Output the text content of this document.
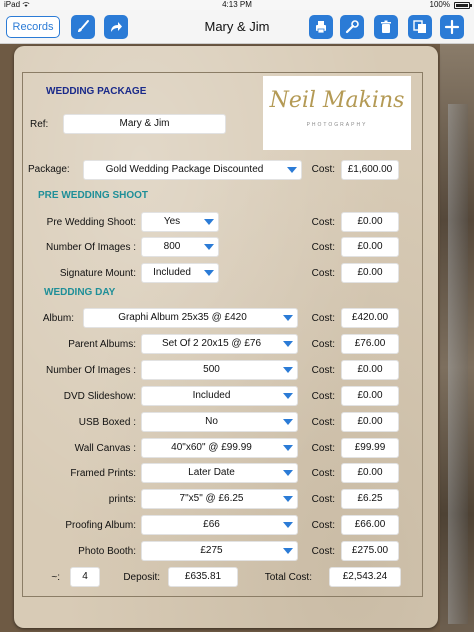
iPad	4:13 PM	100%
Records	Mary & Jim
WEDDING PACKAGE	Neil Makins
PHOTOGRAPHY
Ref:	Mary & Jim
Package:	Gold Wedding Package Discounted	Cost:	£1,600.00
PRE WEDDING SHOOT
Pre Wedding Shoot:	Yes	Cost:	£0.00
Number Of Images :	800	Cost:	£0.00
Signature Mount:	Included	Cost:	£0.00
WEDDING DAY
Album:	Graphi Album 25x35 @ £420	Cost:	£420.00
Parent Albums:	Set Of 2 20x15 @ £76	Cost:	£76.00
Number Of Images :	500	Cost:	£0.00
DVD Slideshow:	Included	Cost:	£0.00
USB Boxed :	No	Cost:	£0.00
Wall Canvas :	40"x60" @ £99.99	Cost:	£99.99
Framed Prints:	Later Date	Cost:	£0.00
prints:	7"x5" @ £6.25	Cost:	£6.25
Proofing Album:	£66	Cost:	£66.00
Photo Booth:	£275	Cost:	£275.00
~:	4	Deposit:	£635.81	Total Cost:	£2,543.24
